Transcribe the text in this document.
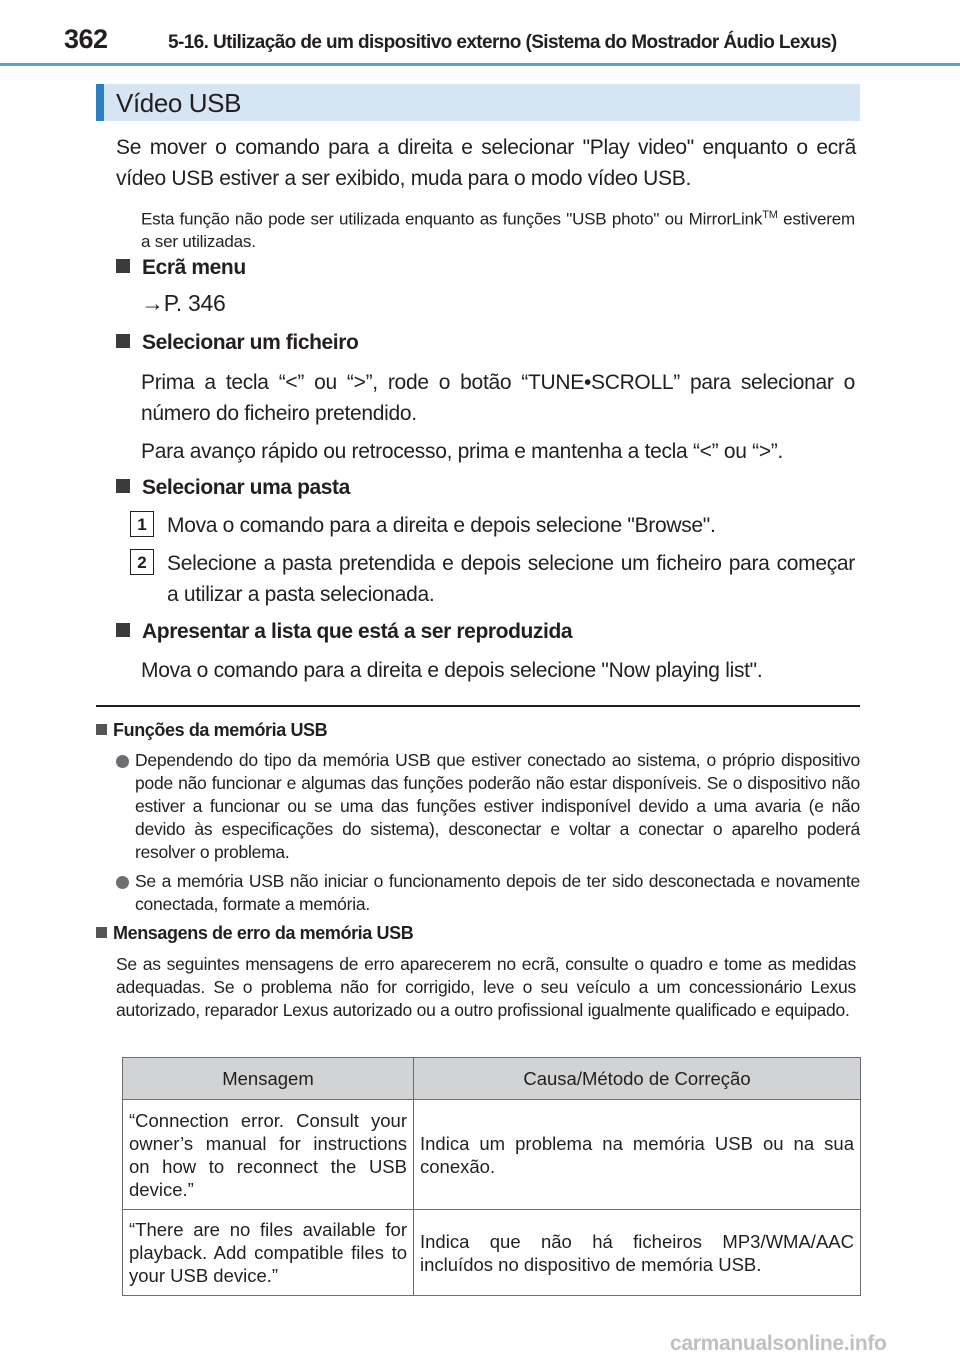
362	5-16. Utilização de um dispositivo externo (Sistema do Mostrador Áudio Lexus)
Vídeo USB

Se mover o comando para a direita e selecionar "Play video" enquanto o ecrã vídeo USB estiver a ser exibido, muda para o modo vídeo USB.

Esta função não pode ser utilizada enquanto as funções "USB photo" ou MirrorLink™ estiverem a ser utilizadas.

Ecrã menu
→P. 346
Selecionar um ficheiro

Prima a tecla “<” ou “>”, rode o botão “TUNE•SCROLL” para selecionar o número do ficheiro pretendido.

Para avanço rápido ou retrocesso, prima e mantenha a tecla “<” ou “>”.

Selecionar uma pasta
1 Mova o comando para a direita e depois selecione "Browse".

2 Selecione a pasta pretendida e depois selecione um ficheiro para começar a utilizar a pasta selecionada.

Apresentar a lista que está a ser reproduzida

Mova o comando para a direita e depois selecione "Now playing list".

Funções da memória USB

Dependendo do tipo da memória USB que estiver conectado ao sistema, o próprio dispositivo pode não funcionar e algumas das funções poderão não estar disponíveis. Se o dispositivo não estiver a funcionar ou se uma das funções estiver indisponível devido a uma avaria (e não devido às especificações do sistema), desconectar e voltar a conectar o aparelho poderá resolver o problema.

Se a memória USB não iniciar o funcionamento depois de ter sido desconectada e novamente conectada, formate a memória.

Mensagens de erro da memória USB

Se as seguintes mensagens de erro aparecerem no ecrã, consulte o quadro e tome as medidas adequadas. Se o problema não for corrigido, leve o seu veículo a um concessionário Lexus autorizado, reparador Lexus autorizado ou a outro profissional igualmente qualificado e equipado.

Mensagem	Causa/Método de Correção
“Connection error. Consult your owner’s manual for instructions on how to reconnect the USB device.”	Indica um problema na memória USB ou na sua conexão.
“There are no files available for playback. Add compatible files to your USB device.”	Indica que não há ficheiros MP3/WMA/AAC incluídos no dispositivo de memória USB.
carmanualsonline.info
